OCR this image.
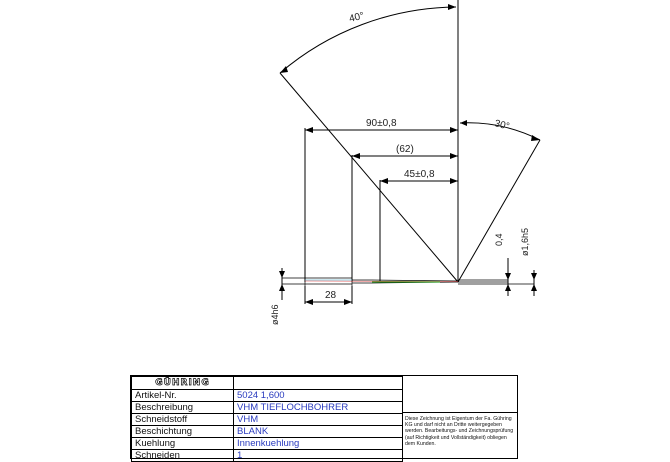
40°
30°
90±0,8
(62)
45±0,8
28
ø4h6
0,4 ø1,6h5
GÜHRING	
Artikel-Nr.	5024 1,600
Beschreibung	VHM TIEFLOCHBOHRER
Schneidstoff	VHM
Beschichtung	BLANK
Kuehlung	Innenkuehlung
Schneiden	1
Diese Zeichnung ist Eigentum der Fa. Gühring KG und darf nicht an Dritte weitergegeben werden. Bearbeitungs- und Zeichnungsprüfung (auf Richtigkeit und Vollständigkeit) obliegen dem Kunden.
